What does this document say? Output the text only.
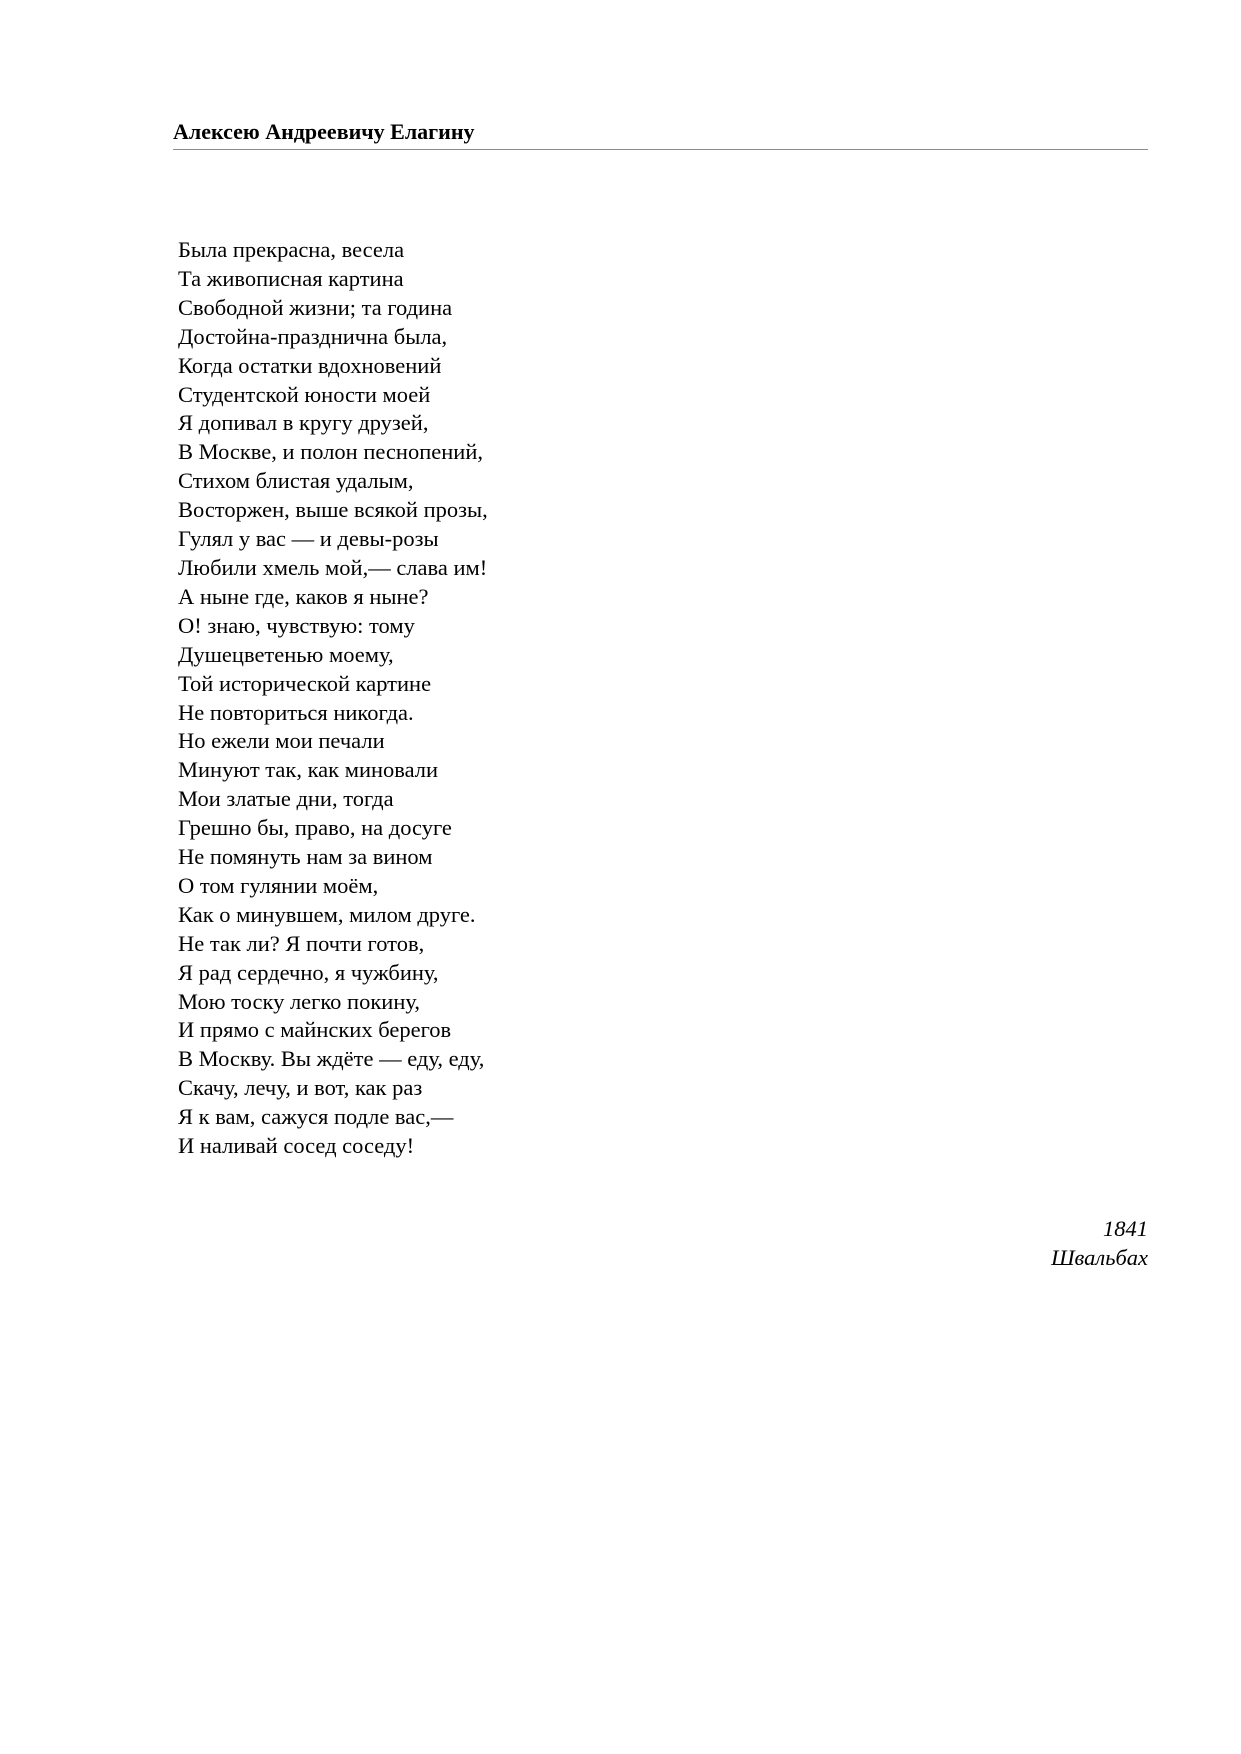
Алексею Андреевичу Елагину
Была прекрасна, весела
Та живописная картина
Свободной жизни; та година
Достойна-празднична была,
Когда остатки вдохновений
Студентской юности моей
Я допивал в кругу друзей,
В Москве, и полон песнопений,
Стихом блистая удалым,
Восторжен, выше всякой прозы,
Гулял у вас — и девы-розы
Любили хмель мой,— слава им!
А ныне где, каков я ныне?
О! знаю, чувствую: тому
Душецветенью моему,
Той исторической картине
Не повториться никогда.
Но ежели мои печали
Минуют так, как миновали
Мои златые дни, тогда
Грешно бы, право, на досуге
Не помянуть нам за вином
О том гулянии моём,
Как о минувшем, милом друге.
Не так ли? Я почти готов,
Я рад сердечно, я чужбину,
Мою тоску легко покину,
И прямо с майнских берегов
В Москву. Вы ждёте — еду, еду,
Скачу, лечу, и вот, как раз
Я к вам, сажуся подле вас,—
И наливай сосед соседу!
1841
Швальбах
